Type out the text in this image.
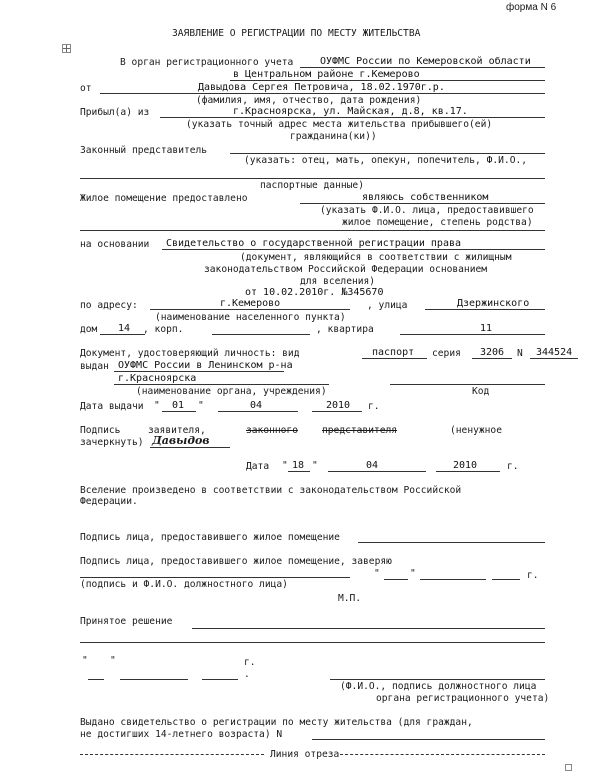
форма N 6
ЗАЯВЛЕНИЕ О РЕГИСТРАЦИИ ПО МЕСТУ ЖИТЕЛЬСТВА
В орган регистрационного учета	ОУФМС России по Кемеровской области
в Центральном районе г.Кемерово
от	Давыдова Сергея Петровича, 18.02.1970г.р.
(фамилия, имя, отчество, дата рождения)
Прибыл(а) из	г.Красноярска, ул. Майская, д.8, кв.17.
(указать точный адрес места жительства прибывшего(ей)
гражданина(ки))
Законный представитель
(указать: отец, мать, опекун, попечитель, Ф.И.О.,
паспортные данные)
Жилое помещение предоставлено	являюсь собственником
(указать Ф.И.О. лица, предоставившего
жилое помещение, степень родства)
на основании Свидетельство о государственной регистрации права
(документ, являющийся в соответствии с жилищным
законодательством Российской Федерации основанием
для вселения)
от 10.02.2010г. №345670
по адресу:	г.Кемерово	, улица	Дзержинского
(наименование населенного пункта)
дом 14 , корп.	, квартира	11
Документ, удостоверяющий личность: вид	паспорт серия 3206 N 344524
выдан ОУФМС России в Ленинском р-на
г.Красноярска
(наименование органа, учреждения)	Код
Дата выдачи " 01 "	04	2010 г.
Подпись	заявителя,	законного	представителя	(ненужное
зачеркнуть) Давыдов
Дата " 18 "	04	2010	г.
Вселение произведено в соответствии с законодательством Российской
Федерации.
Подпись лица, предоставившего жилое помещение
Подпись лица, предоставившего жилое помещение, заверяю
"	"	г.
(подпись и Ф.И.О. должностного лица)
М.П.
Принятое решение
" "	г.
.
(Ф.И.О., подпись должностного лица
органа регистрационного учета)
Выдано свидетельство о регистрации по месту жительства (для граждан,
не достигших 14-летнего возраста) N
Линия отреза
